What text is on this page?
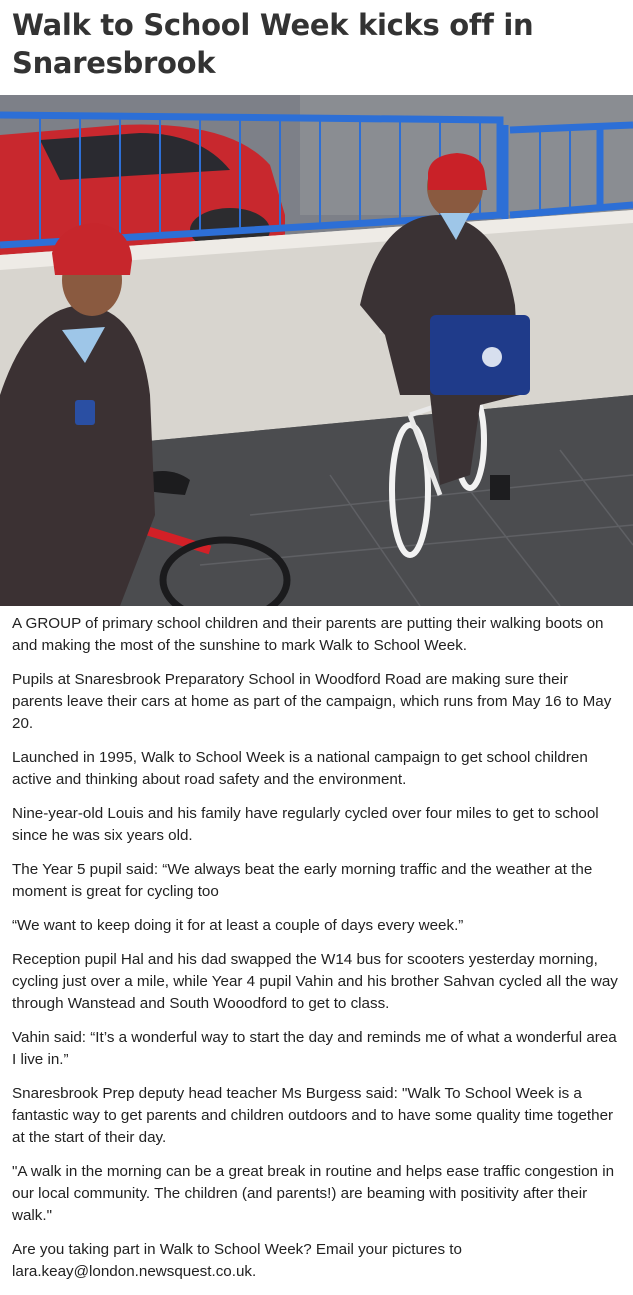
Walk to School Week kicks off in Snaresbrook

A GROUP of primary school children and their parents are putting their walking boots on and making the most of the sunshine to mark Walk to School Week.

Pupils at Snaresbrook Preparatory School in Woodford Road are making sure their parents leave their cars at home as part of the campaign, which runs from May 16 to May 20.

Launched in 1995, Walk to School Week is a national campaign to get school children active and thinking about road safety and the environment.

Nine-year-old Louis and his family have regularly cycled over four miles to get to school since he was six years old.

The Year 5 pupil said: “We always beat the early morning traffic and the weather at the moment is great for cycling too

“We want to keep doing it for at least a couple of days every week.”

Reception pupil Hal and his dad swapped the W14 bus for scooters yesterday morning, cycling just over a mile, while Year 4 pupil Vahin and his brother Sahvan cycled all the way through Wanstead and South Wooodford to get to class.

Vahin said: “It’s a wonderful way to start the day and reminds me of what a wonderful area I live in.”

Snaresbrook Prep deputy head teacher Ms Burgess said: "Walk To School Week is a fantastic way to get parents and children outdoors and to have some quality time together at the start of their day.

"A walk in the morning can be a great break in routine and helps ease traffic congestion in our local community. The children (and parents!) are beaming with positivity after their walk."

Are you taking part in Walk to School Week? Email your pictures to lara.keay@london.newsquest.co.uk.
